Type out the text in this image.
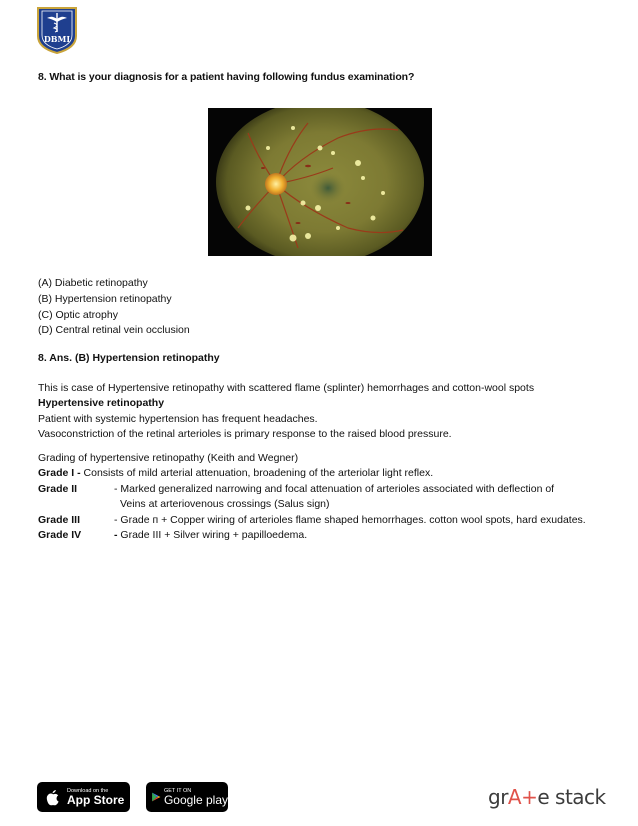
DBMI
8. What is your diagnosis for a patient having following fundus examination?
(A) Diabetic retinopathy
(B) Hypertension retinopathy
(C) Optic atrophy
(D) Central retinal vein occlusion
8. Ans. (B) Hypertension retinopathy
This is case of Hypertensive retinopathy with scattered flame (splinter) hemorrhages and cotton-wool spots
Hypertensive retinopathy
Patient with systemic hypertension has frequent headaches.
Vasoconstriction of the retinal arterioles is primary response to the raised blood pressure.
Grading of hypertensive retinopathy (Keith and Wegner)
Grade I - Consists of mild arterial attenuation, broadening of the arteriolar light reflex.
Grade II	- Marked generalized narrowing and focal attenuation of arterioles associated with deflection of
Veins at arteriovenous crossings (Salus sign)
Grade III	- Grade п + Copper wiring of arterioles flame shaped hemorrhages. cotton wool spots, hard exudates.
Grade IV	- Grade III + Silver wiring + papilloedema.
Download on the
App Store
GET IT ON
Google play	grA+e stack
